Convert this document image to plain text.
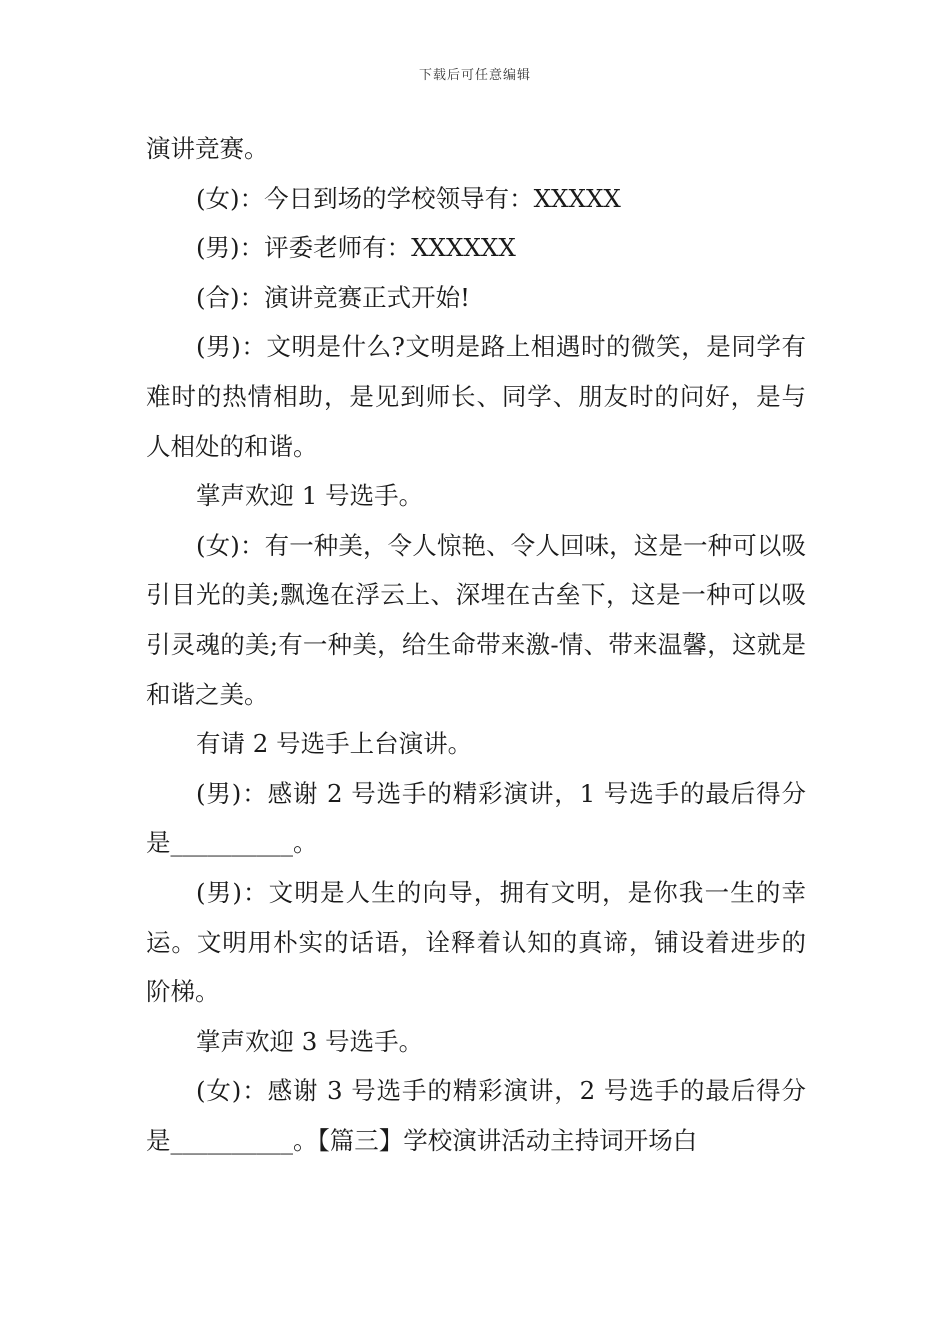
下载后可任意编辑

演讲竞赛。

(女)：今日到场的学校领导有：XXXXX

(男)：评委老师有：XXXXXX

(合)：演讲竞赛正式开始!

(男)：文明是什么?文明是路上相遇时的微笑，是同学有难时的热情相助，是见到师长、同学、朋友时的问好，是与人相处的和谐。

掌声欢迎 1 号选手。

(女)：有一种美，令人惊艳、令人回味，这是一种可以吸引目光的美;飘逸在浮云上、深埋在古垒下，这是一种可以吸引灵魂的美;有一种美，给生命带来激-情、带来温馨，这就是和谐之美。

有请 2 号选手上台演讲。

(男)：感谢 2 号选手的精彩演讲，1 号选手的最后得分是__________。

(男)：文明是人生的向导，拥有文明，是你我一生的幸运。文明用朴实的话语，诠释着认知的真谛，铺设着进步的阶梯。

掌声欢迎 3 号选手。

(女)：感谢 3 号选手的精彩演讲，2 号选手的最后得分是__________。【篇三】学校演讲活动主持词开场白
